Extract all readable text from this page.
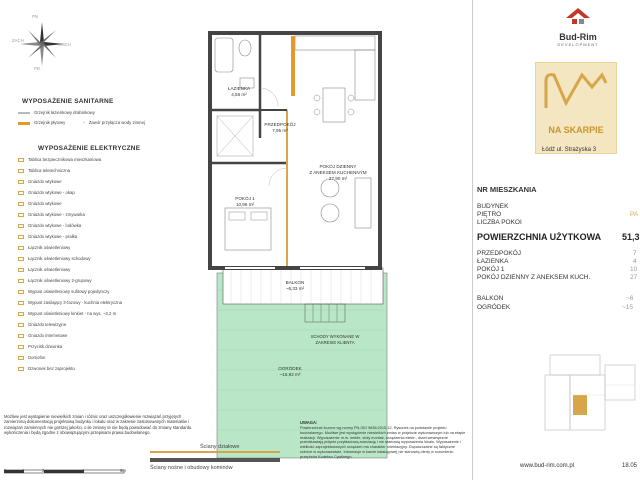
PN
WSCH
PD
ZACH
WYPOSAŻENIE SANITARNE
Grzejnik łazienkowy drabinkowy
Grzejnik płytowy	• Zawór przyłącza wody zimnej
WYPOSAŻENIE ELEKTRYCZNE
Tablica bezpiecznikowa mieszkaniowa
Tablica teletechniczna
Gniazdo wtykowe
Gniazdo wtykowe - okap
Gniazdo wtykowe
Gniazdo wtykowe - zmywarka
Gniazdo wtykowe - lodówka
Gniazdo wtykowe - pralka
Łącznik oświetleniowy
Łącznik oświetleniowy schodowy
Łącznik oświetleniowy
Łącznik oświetleniowy 2-grupowy
Wypust oświetleniowy sufitowy pojedynczy
Wypust zasilający 3-fazowy - kuchnia elektryczna
Wypust oświetleniowy kinkiet - na wys. ~2,2 m
Gniazdo telewizyjne
Gniazdo internetowe
Przycisk dzwonka
Domofon
Dzwonek bez zaprojektu
ŁAZIENKA
4,56 m²
PRZEDPOKÓJ
7,95 m²

POKÓJ DZIENNY
Z ANEKSEM KUCHENNYM
27,90 m²

POKÓJ 1
10,96 m²
BALKON
~6,33 m²
OGRÓDEK
~15,92 m²
SCHODY WYKONANE W
ZAKRESIE KLIENTA
Bud-Rim
DEVELOPMENT
NA SKARPIE
Łódź ul. Strażyska 3
NR MIESZKANIA
BUDYNEK
PIĘTRO	PA
LICZBA POKOI
POWIERZCHNIA UŻYTKOWA 51,3
PRZEDPOKÓJ	7
ŁAZIENKA	4
POKÓJ 1	10
POKÓJ DZIENNY Z ANEKSEM KUCH.	27
BALKON	~6
OGRÓDEK	~15
Możliwe jest wystąpienie niewielkich zmian i różnic oraz uszczegółowienie rozwiązań przyjętych zamierzoną dokumentacją projektową budynku i lokalu oraz w zakresie zastosowanych materiałów i rozwiązań zamiennych nie gorszej jakości, o ile zmiany te nie będą powodować do zmiany standardu wykończenia i będą zgodne z obowiązującymi przepisami prawa budowlanego.
UWAGA:
Powierzchnie liczone wg normy PN-ISO 9836:2015-12. Rysunek na podstawie projektu budowlanego. Możliwe jest wystąpienie niewielkich zmian w projekcie wykonawczym lub na etapie realizacji. Wyposażenie m.in. meble, stoły montaż, urządzenia elektr., drzwi wewnętrzne przedstawiają jedynie przykładową aranżację i nie stanowią wyposażenia lokalu. Wyposażenie i wielkość zaprojektowanych urządzeń ma charakter orientacyjny. Dopuszczalne są faktyczne różnice w wykonawstwie. Informacje w karcie katalogowej nie stanowią oferty w rozumieniu przepisów Kodeksu Cywilnego.
Ściany działowe
Ściany nośne i obudowy kominów
0	1	2	4	6m
www.bud-rim.com.pl	18.05
